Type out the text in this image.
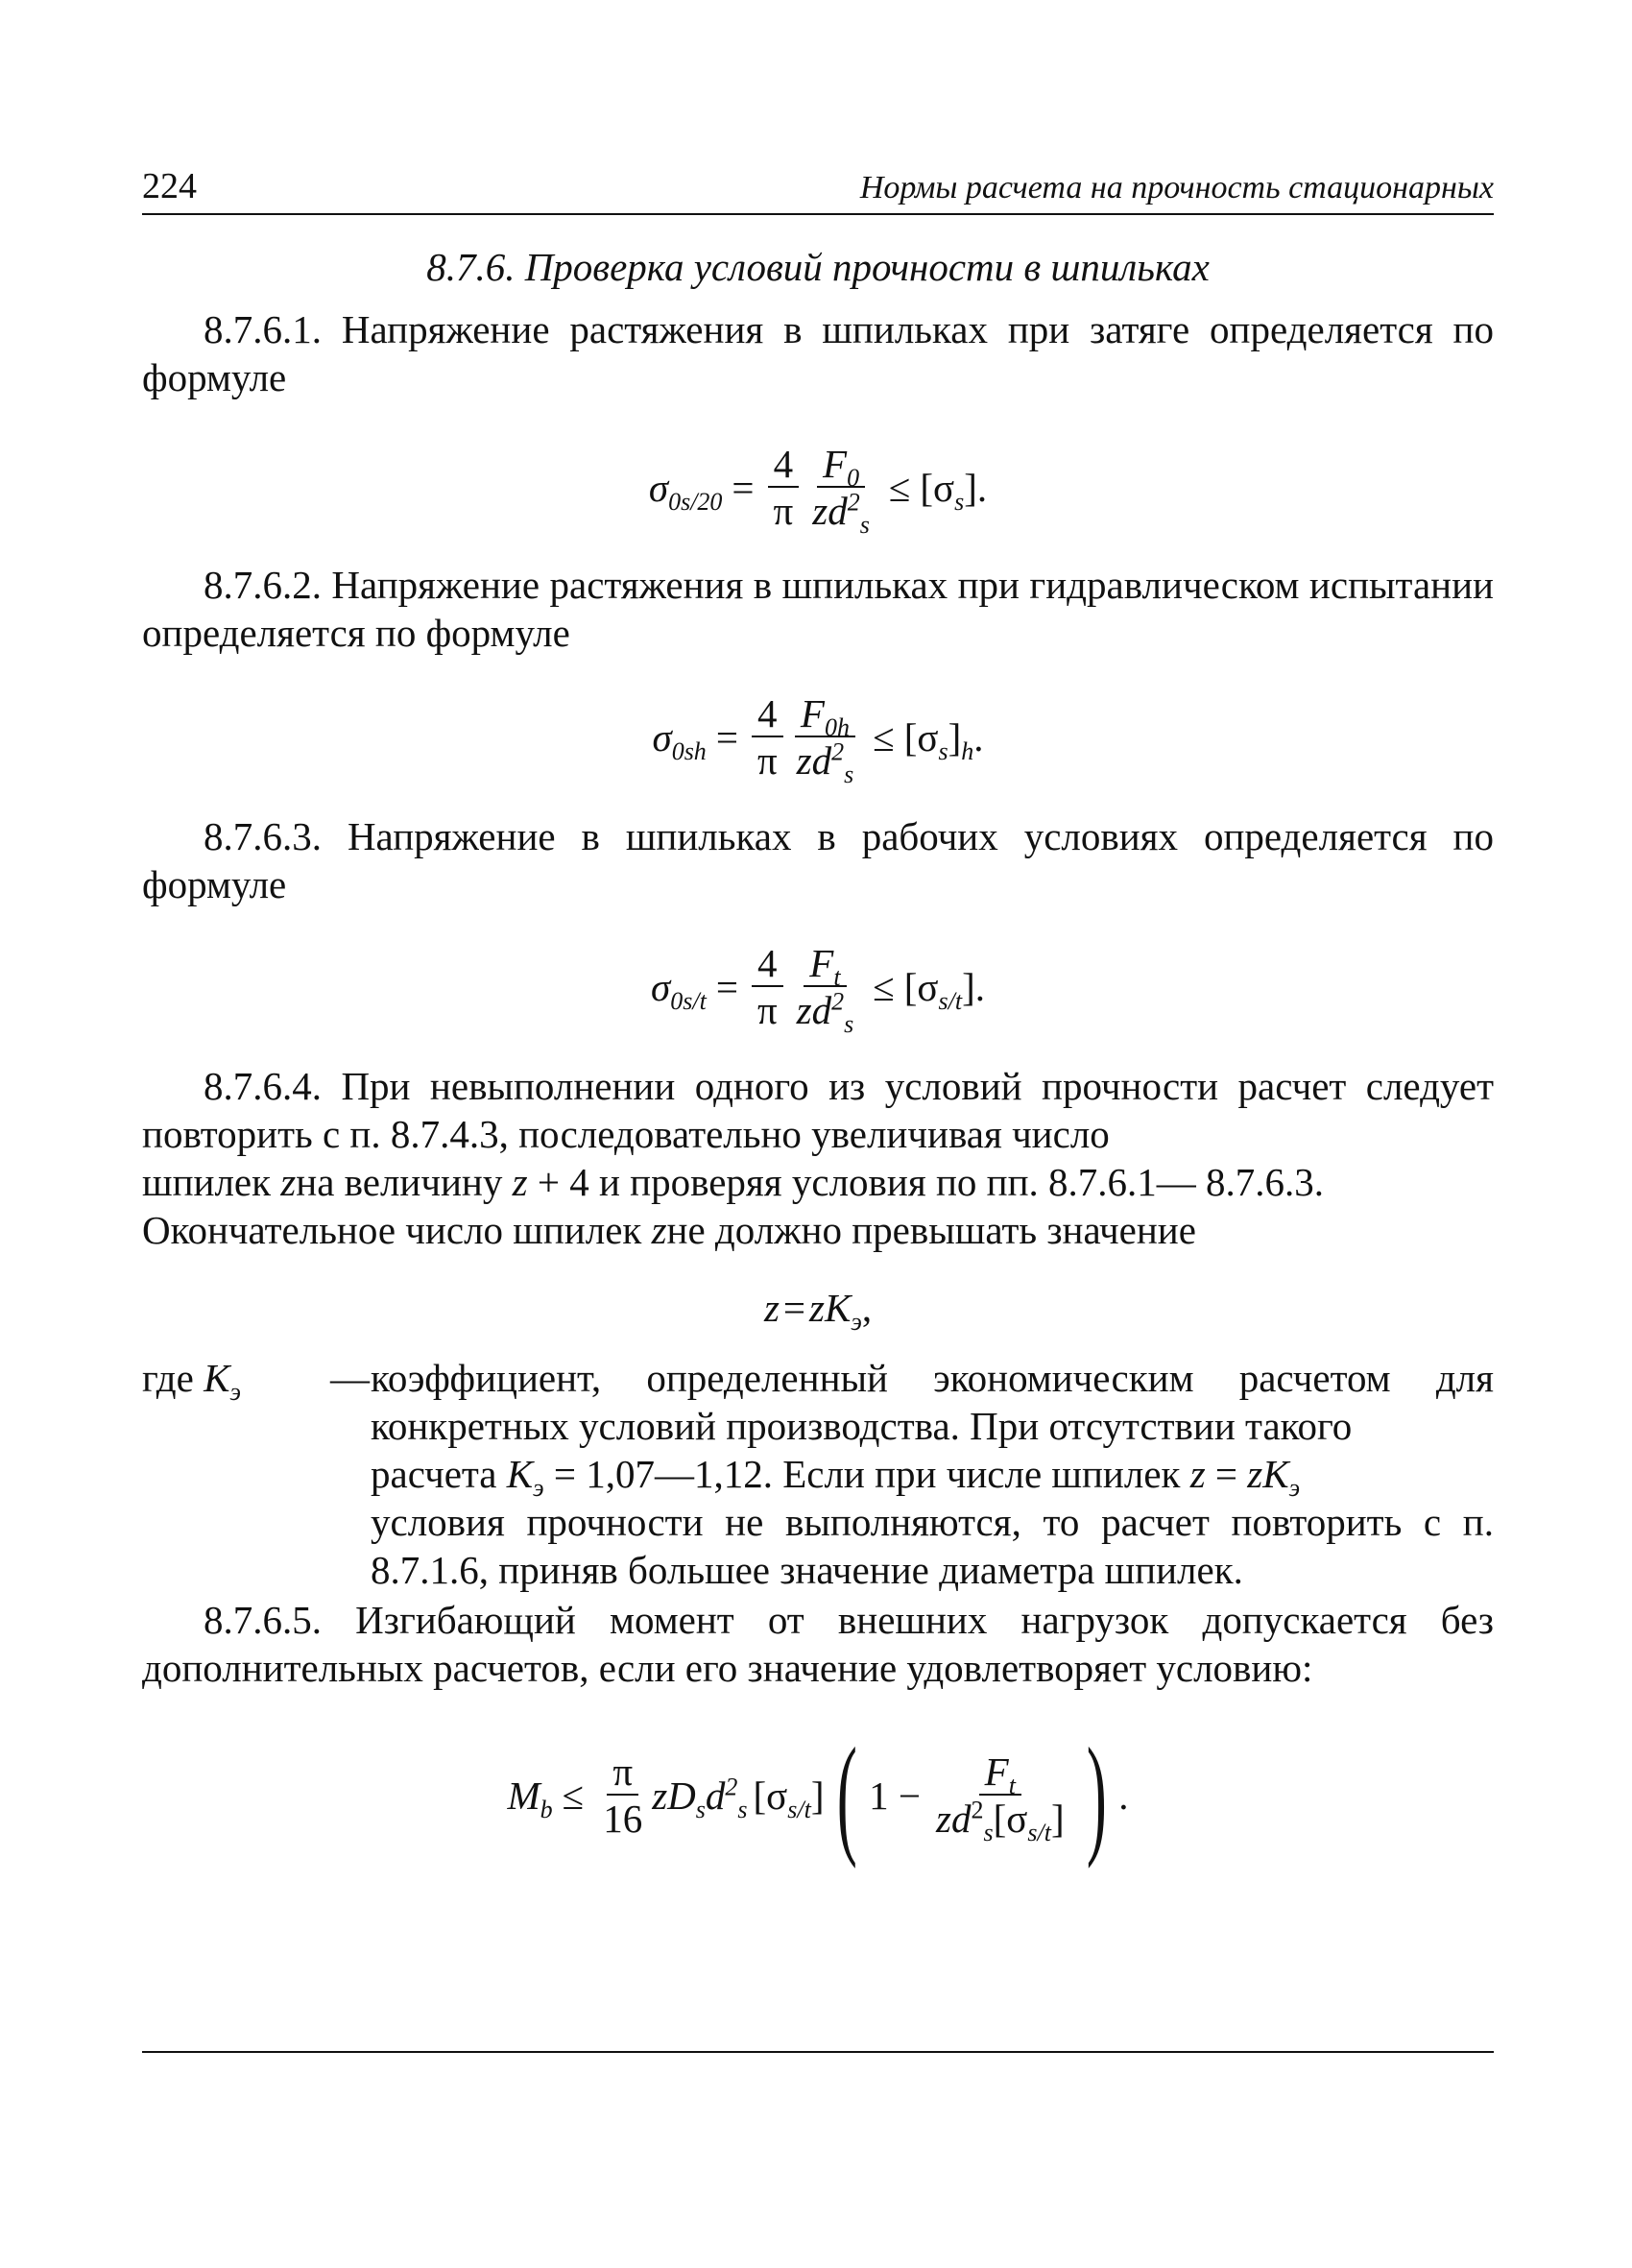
224	Нормы расчета на прочность стационарных
8.7.6. Проверка условий прочности в шпильках

8.7.6.1. Напряжение растяжения в шпильках при затяге определяется по формуле

$\sigma_{0s/20} = \frac{4}{\pi} \frac{F_0}{zd^2_s} \le [\sigma_s]$.

8.7.6.2. Напряжение растяжения в шпильках при гидравлическом испытании определяется по формуле

$\sigma_{0sh} = \frac{4}{\pi} \frac{F_{0h}}{zd^2_s} \le [\sigma_s]_h$.

8.7.6.3. Напряжение в шпильках в рабочих условиях определяется по формуле

$\sigma_{0s/t} = \frac{4}{\pi} \frac{F_t}{zd^2_s} \le [\sigma_{s/t}]$.

8.7.6.4. При невыполнении одного из условий прочности расчет следует повторить с п. 8.7.4.3, последовательно увеличивая число

шпилек zна величину z + 4 и проверяя условия по пп. 8.7.6.1— 8.7.6.3.

Окончательное число шпилек zне должно превышать значение

$z = zK_э$ ,
где $K_э$ — коэффициент, определенный экономическим расчетом для конкретных условий производства. При отсутствии такого

расчета $K_э$ = 1,07—1,12. Если при числе шпилек $z = zK_э$

условия прочности не выполняются, то расчет повторить с п. 8.7.1.6, приняв большее значение диаметра шпилек.

8.7.6.5. Изгибающий момент от внешних нагрузок допускается без дополнительных расчетов, если его значение удовлетворяет условию:

$M_b \le \frac{\pi}{16} zD_sd^2_s$ $[\sigma_{s/t}]$ ( $1 - \frac{F_t}{zd^2_s[\sigma_{s/t}]}$ ) .
